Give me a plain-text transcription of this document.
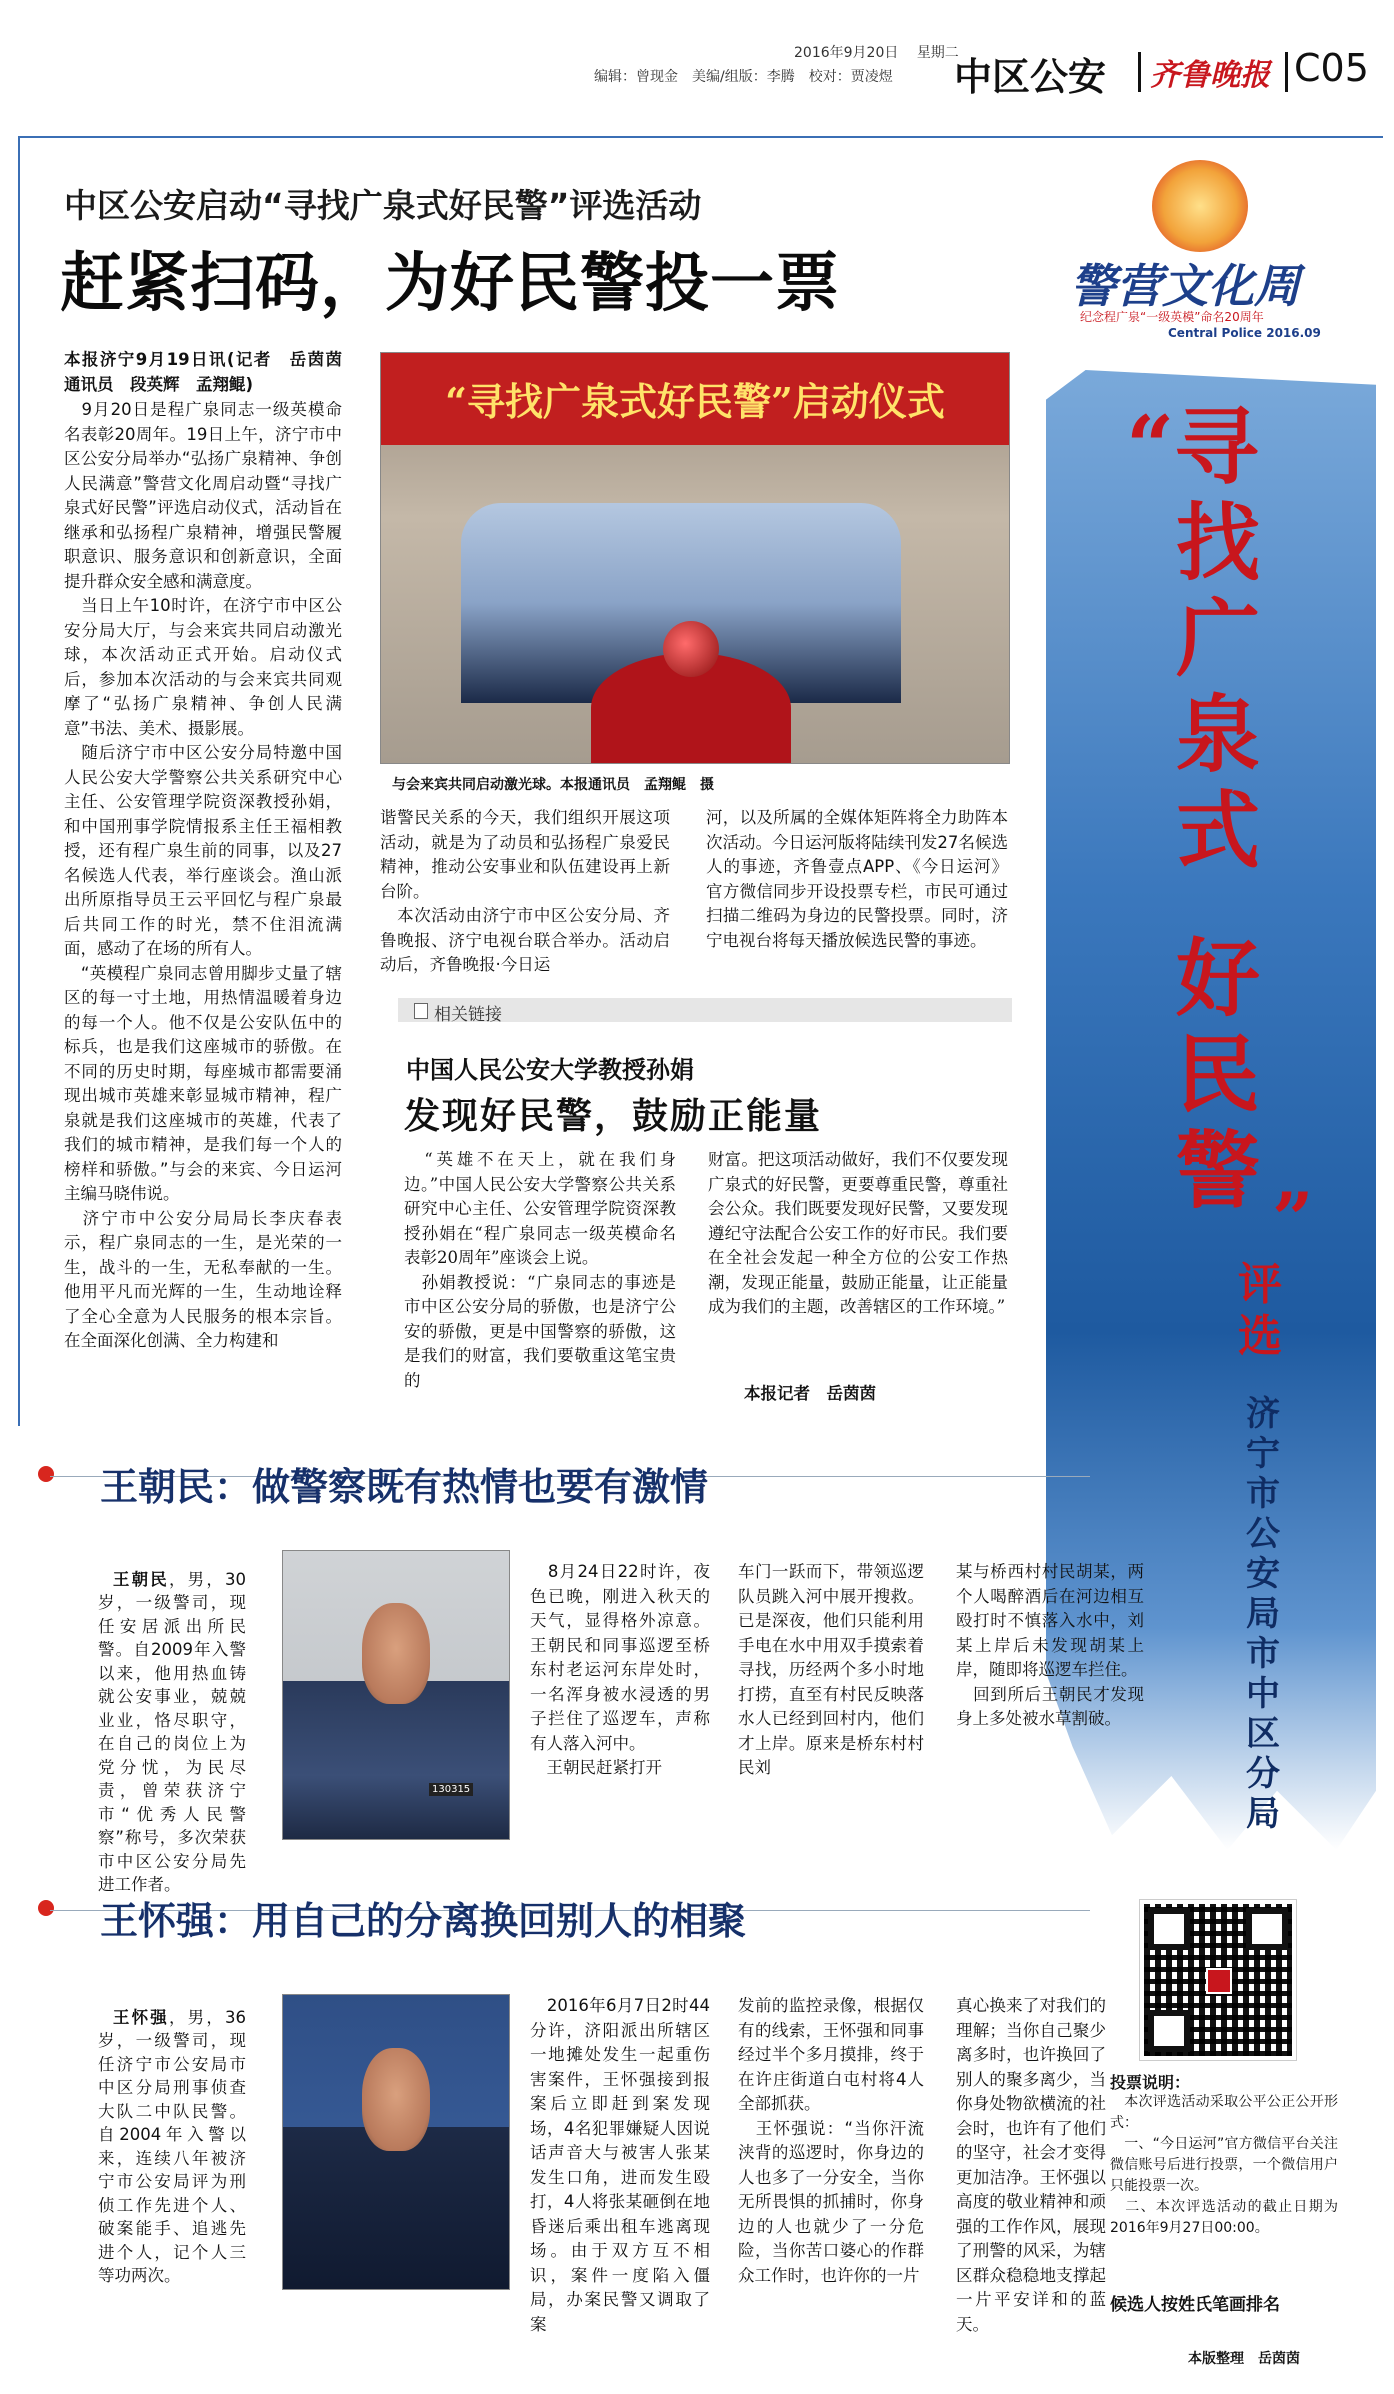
2016年9月20日 星期二
编辑：曾现金　美编/组版：李腾　校对：贾凌煜 中区公安 齐鲁晚报 C05
中区公安启动“寻找广泉式好民警”评选活动
赶紧扫码，为好民警投一票
本报济宁9月19日讯(记者　岳茵茵　通讯员　段英辉　孟翔鲲)
　9月20日是程广泉同志一级英模命名表彰20周年。19日上午，济宁市中区公安分局举办“弘扬广泉精神、争创人民满意”警营文化周启动暨“寻找广泉式好民警”评选启动仪式，活动旨在继承和弘扬程广泉精神，增强民警履职意识、服务意识和创新意识，全面提升群众安全感和满意度。
　当日上午10时许，在济宁市中区公安分局大厅，与会来宾共同启动激光球，本次活动正式开始。启动仪式后，参加本次活动的与会来宾共同观摩了“弘扬广泉精神、争创人民满意”书法、美术、摄影展。
　随后济宁市中区公安分局特邀中国人民公安大学警察公共关系研究中心主任、公安管理学院资深教授孙娟，和中国刑事学院情报系主任王福相教授，还有程广泉生前的同事，以及27名候选人代表，举行座谈会。渔山派出所原指导员王云平回忆与程广泉最后共同工作的时光，禁不住泪流满面，感动了在场的所有人。
　“英模程广泉同志曾用脚步丈量了辖区的每一寸土地，用热情温暖着身边的每一个人。他不仅是公安队伍中的标兵，也是我们这座城市的骄傲。在不同的历史时期，每座城市都需要涌现出城市英雄来彰显城市精神，程广泉就是我们这座城市的英雄，代表了我们的城市精神，是我们每一个人的榜样和骄傲。”与会的来宾、今日运河主编马晓伟说。
　济宁市中公安分局局长李庆春表示，程广泉同志的一生，是光荣的一生，战斗的一生，无私奉献的一生。他用平凡而光辉的一生，生动地诠释了全心全意为人民服务的根本宗旨。在全面深化创满、全力构建和
“寻找广泉式好民警”启动仪式
与会来宾共同启动激光球。本报通讯员　孟翔鲲　摄
谐警民关系的今天，我们组织开展这项活动，就是为了动员和弘扬程广泉爱民精神，推动公安事业和队伍建设再上新台阶。
　本次活动由济宁市中区公安分局、齐鲁晚报、济宁电视台联合举办。活动启动后，齐鲁晚报·今日运
河，以及所属的全媒体矩阵将全力助阵本次活动。今日运河版将陆续刊发27名候选人的事迹，齐鲁壹点APP、《今日运河》官方微信同步开设投票专栏，市民可通过扫描二维码为身边的民警投票。同时，济宁电视台将每天播放候选民警的事迹。
相关链接
中国人民公安大学教授孙娟
发现好民警，鼓励正能量
　“英雄不在天上，就在我们身边。”中国人民公安大学警察公共关系研究中心主任、公安管理学院资深教授孙娟在“程广泉同志一级英模命名表彰20周年”座谈会上说。
　孙娟教授说：“广泉同志的事迹是市中区公安分局的骄傲，也是济宁公安的骄傲，更是中国警察的骄傲，这是我们的财富，我们要敬重这笔宝贵的
财富。把这项活动做好，我们不仅要发现广泉式的好民警，更要尊重民警，尊重社会公众。我们既要发现好民警，又要发现遵纪守法配合公安工作的好市民。我们要在全社会发起一种全方位的公安工作热潮，发现正能量，鼓励正能量，让正能量成为我们的主题，改善辖区的工作环境。”
本报记者　岳茵茵
警营文化周
纪念程广泉“一级英模”命名20周年
Central Police 2016.09
“寻
找
广
泉
式
好
民
警 ”
评
选
济
宁
市
公
安
局
市
中
区
分
局
投票说明：
　本次评选活动采取公平公正公开形式：
　一、“今日运河”官方微信平台关注微信账号后进行投票，一个微信用户只能投票一次。
　二、本次评选活动的截止日期为2016年9月27日00:00。
候选人按姓氏笔画排名
本版整理　岳茵茵
王朝民：做警察既有热情也要有激情

王朝民，男，30岁，一级警司，现任安居派出所民警。自2009年入警以来，他用热血铸就公安事业，兢兢业业，恪尽职守，在自己的岗位上为党分忧，为民尽责，曾荣获济宁市“优秀人民警察”称号，多次荣获市中区公安分局先进工作者。

130315
　8月24日22时许，夜色已晚，刚进入秋天的天气，显得格外凉意。王朝民和同事巡逻至桥东村老运河东岸处时，一名浑身被水浸透的男子拦住了巡逻车，声称有人落入河中。
　王朝民赶紧打开
车门一跃而下，带领巡逻队员跳入河中展开搜救。已是深夜，他们只能利用手电在水中用双手摸索着寻找，历经两个多小时地打捞，直至有村民反映落水人已经到回村内，他们才上岸。原来是桥东村村民刘
某与桥西村村民胡某，两个人喝醉酒后在河边相互殴打时不慎落入水中，刘某上岸后未发现胡某上岸，随即将巡逻车拦住。
　回到所后王朝民才发现身上多处被水草割破。
王怀强：用自己的分离换回别人的相聚

王怀强，男，36岁，一级警司，现任济宁市公安局市中区分局刑事侦查大队二中队民警。自2004年入警以来，连续八年被济宁市公安局评为刑侦工作先进个人、破案能手、追逃先进个人，记个人三等功两次。

　2016年6月7日2时44分许，济阳派出所辖区一地摊处发生一起重伤害案件，王怀强接到报案后立即赶到案发现场，4名犯罪嫌疑人因说话声音大与被害人张某发生口角，进而发生殴打，4人将张某砸倒在地昏迷后乘出租车逃离现场。由于双方互不相识，案件一度陷入僵局，办案民警又调取了案
发前的监控录像，根据仅有的线索，王怀强和同事经过半个多月摸排，终于在许庄街道白屯村将4人全部抓获。
　王怀强说：“当你汗流浃背的巡逻时，你身边的人也多了一分安全，当你无所畏惧的抓捕时，你身边的人也就少了一分危险，当你苦口婆心的作群众工作时，也许你的一片
真心换来了对我们的理解；当你自己聚少离多时，也许换回了别人的聚多离少，当你身处物欲横流的社会时，也许有了他们的坚守，社会才变得更加洁净。王怀强以高度的敬业精神和顽强的工作作风，展现了刑警的风采，为辖区群众稳稳地支撑起一片平安详和的蓝天。
